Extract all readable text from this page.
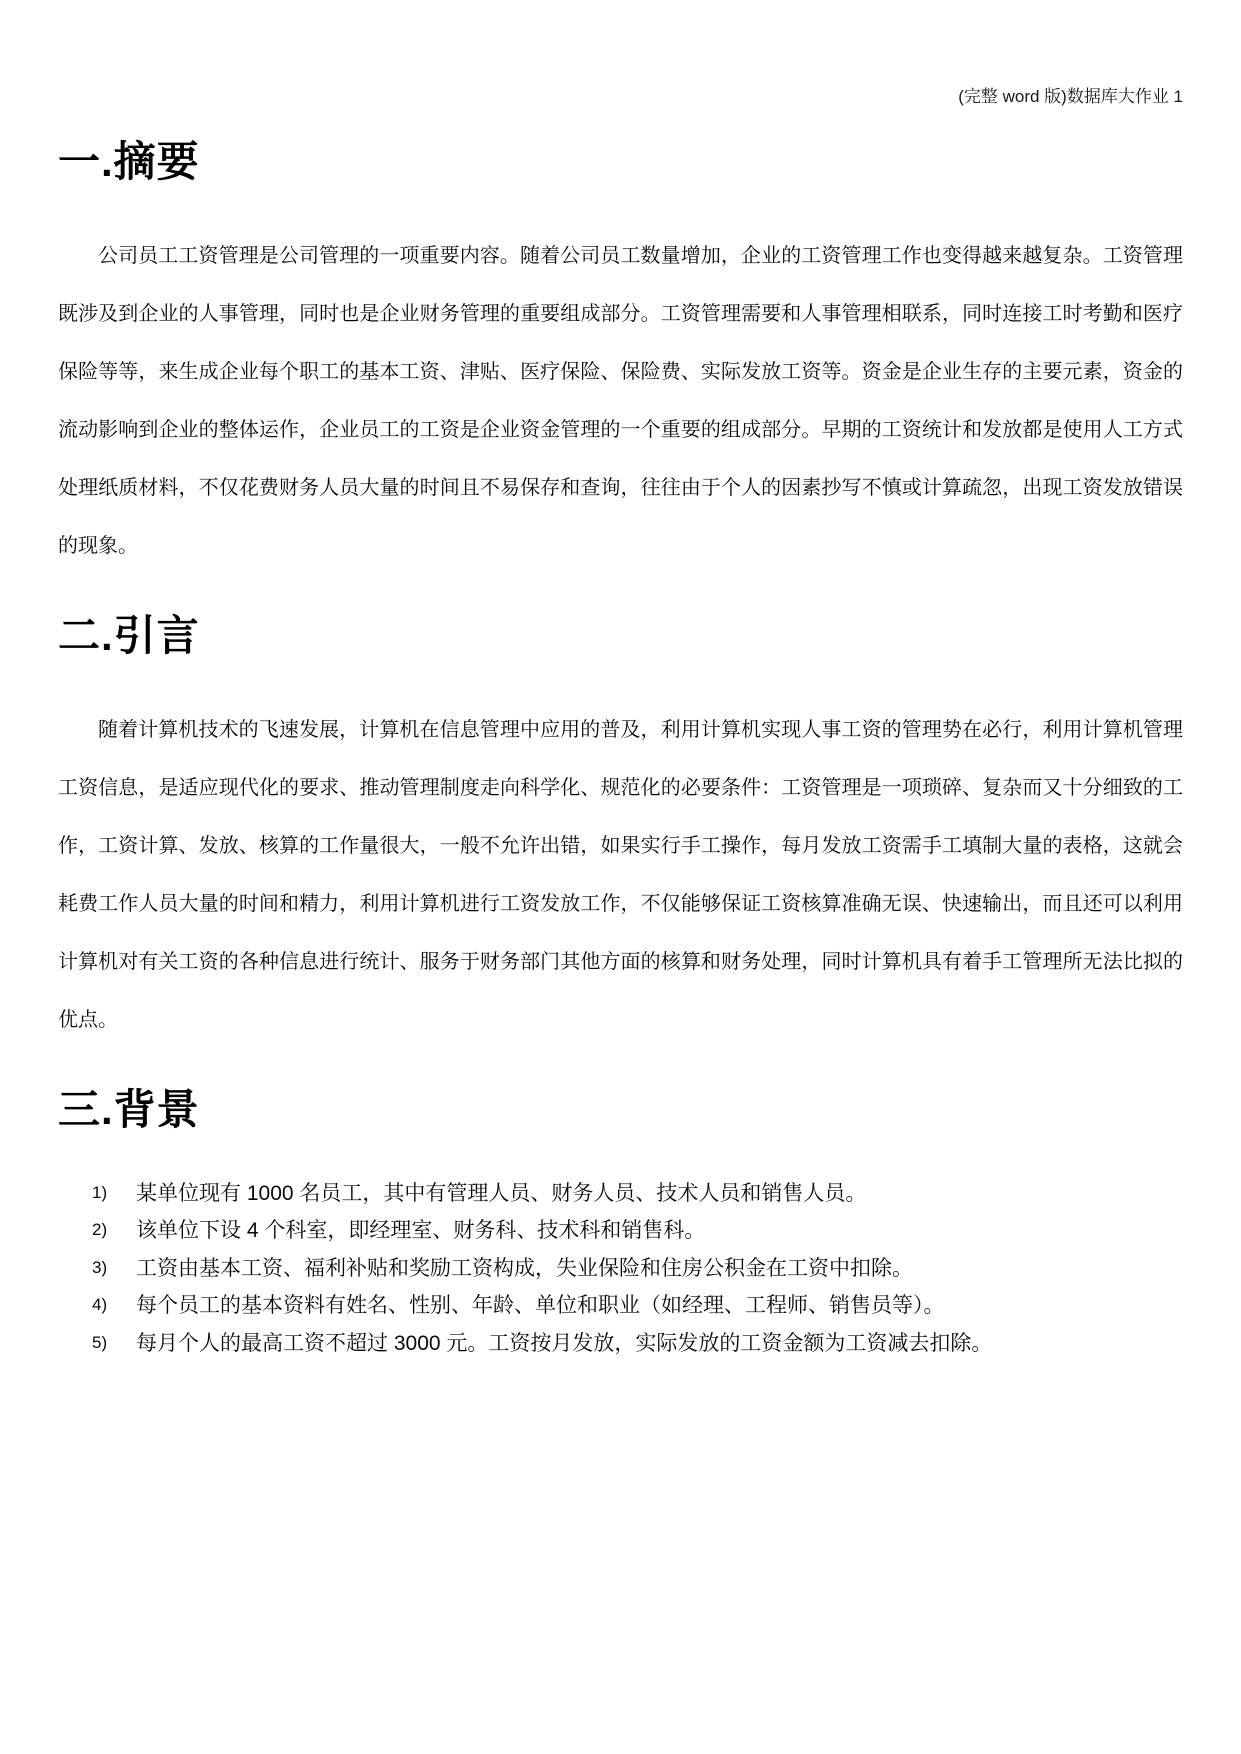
(完整 word 版)数据库大作业 1
一.摘要

公司员工工资管理是公司管理的一项重要内容。随着公司员工数量增加，企业的工资管理工作也变得越来越复杂。工资管理既涉及到企业的人事管理，同时也是企业财务管理的重要组成部分。工资管理需要和人事管理相联系，同时连接工时考勤和医疗保险等等，来生成企业每个职工的基本工资、津贴、医疗保险、保险费、实际发放工资等。资金是企业生存的主要元素，资金的流动影响到企业的整体运作，企业员工的工资是企业资金管理的一个重要的组成部分。早期的工资统计和发放都是使用人工方式处理纸质材料，不仅花费财务人员大量的时间且不易保存和查询，往往由于个人的因素抄写不慎或计算疏忽，出现工资发放错误的现象。

二.引言

随着计算机技术的飞速发展，计算机在信息管理中应用的普及，利用计算机实现人事工资的管理势在必行，利用计算机管理工资信息，是适应现代化的要求、推动管理制度走向科学化、规范化的必要条件：工资管理是一项琐碎、复杂而又十分细致的工作，工资计算、发放、核算的工作量很大，一般不允许出错，如果实行手工操作，每月发放工资需手工填制大量的表格，这就会耗费工作人员大量的时间和精力，利用计算机进行工资发放工作，不仅能够保证工资核算准确无误、快速输出，而且还可以利用计算机对有关工资的各种信息进行统计、服务于财务部门其他方面的核算和财务处理，同时计算机具有着手工管理所无法比拟的优点。

三.背景
1)	某单位现有 1000 名员工，其中有管理人员、财务人员、技术人员和销售人员。
2)	该单位下设 4 个科室，即经理室、财务科、技术科和销售科。
3)	工资由基本工资、福利补贴和奖励工资构成，失业保险和住房公积金在工资中扣除。
4)	每个员工的基本资料有姓名、性别、年龄、单位和职业（如经理、工程师、销售员等）。
5)	每月个人的最高工资不超过 3000 元。工资按月发放，实际发放的工资金额为工资减去扣除。
